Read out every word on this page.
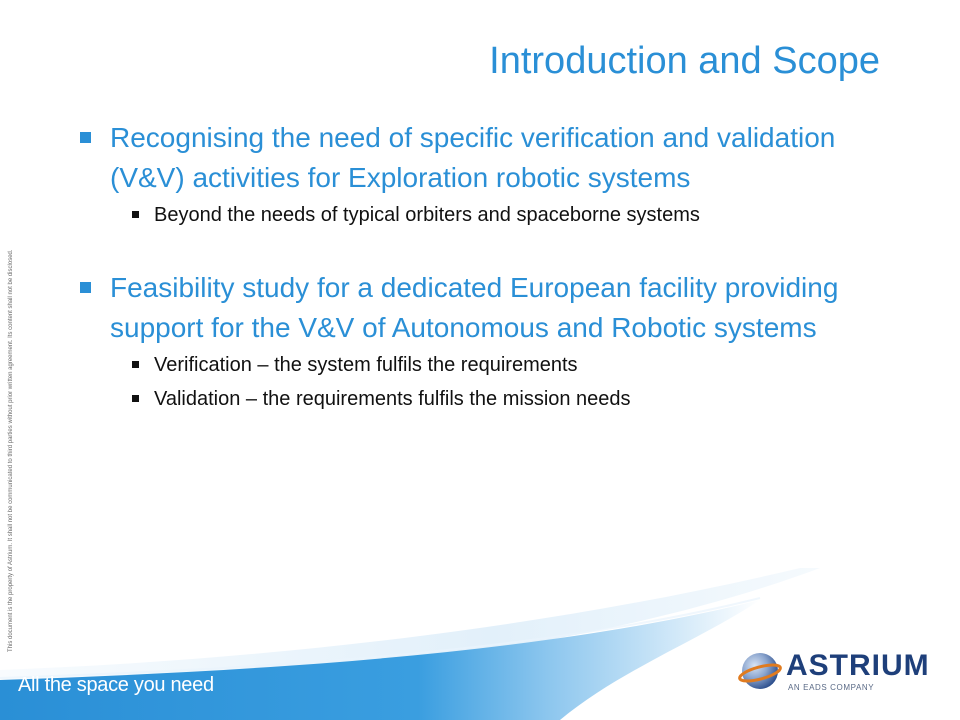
Introduction and Scope
Recognising the need of specific verification and validation (V&V) activities for Exploration robotic systems
Beyond the needs of typical orbiters and spaceborne systems
Feasibility study for a dedicated European facility providing support for the V&V of Autonomous and Robotic systems
Verification – the system fulfils the requirements
Validation – the requirements fulfils the mission needs
This document is the property of Astrium. It shall not be communicated to third parties without prior written agreement. Its content shall not be disclosed.
All the space you need
ASTRIUM
AN EADS COMPANY
